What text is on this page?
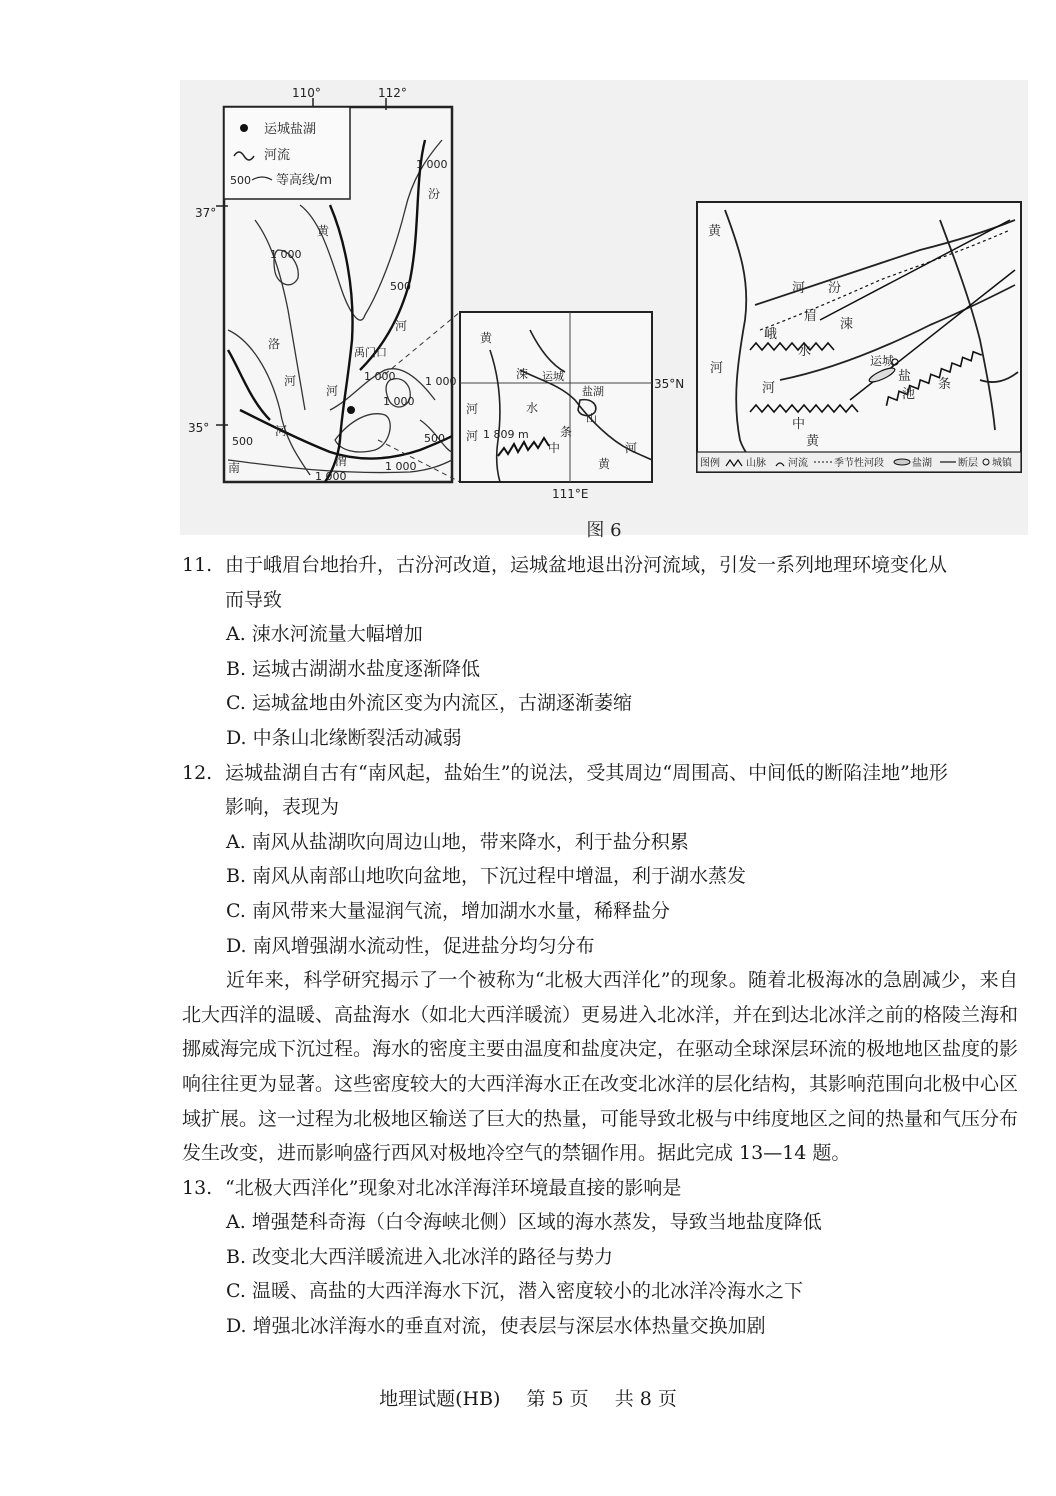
110°	112°
37°
35°
运城盐湖
河流
500 等高线/m
汾
黄
河
河
禹门口
洛
河
河
南	渭
1 000
1 000
500
1 000	1 000
1 000
500
500
1 000
1 000
黄
涑 运城
盐湖
山
河	水
河
中
条
河
黄
1 809 m
35°N
111°E
黄
河 汾
峨
眉
涑
运城
水
盐
池
河
条
河
中
黄
图例	山脉 河流	季节性河段	盐湖	断层 城镇
图 6
11. 由于峨眉台地抬升，古汾河改道，运城盆地退出汾河流域，引发一系列地理环境变化从
而导致
A. 涑水河流量大幅增加
B. 运城古湖湖水盐度逐渐降低
C. 运城盆地由外流区变为内流区，古湖逐渐萎缩
D. 中条山北缘断裂活动减弱
12. 运城盐湖自古有“南风起，盐始生”的说法，受其周边“周围高、中间低的断陷洼地”地形
影响，表现为
A. 南风从盐湖吹向周边山地，带来降水，利于盐分积累
B. 南风从南部山地吹向盆地，下沉过程中增温，利于湖水蒸发
C. 南风带来大量湿润气流，增加湖水水量，稀释盐分
D. 南风增强湖水流动性，促进盐分均匀分布
近年来，科学研究揭示了一个被称为“北极大西洋化”的现象。随着北极海冰的急剧减少，来自北大西洋的温暖、高盐海水（如北大西洋暖流）更易进入北冰洋，并在到达北冰洋之前的格陵兰海和挪威海完成下沉过程。海水的密度主要由温度和盐度决定，在驱动全球深层环流的极地地区盐度的影响往往更为显著。这些密度较大的大西洋海水正在改变北冰洋的层化结构，其影响范围向北极中心区域扩展。这一过程为北极地区输送了巨大的热量，可能导致北极与中纬度地区之间的热量和气压分布发生改变，进而影响盛行西风对极地冷空气的禁锢作用。据此完成 13—14 题。
13. “北极大西洋化”现象对北冰洋海洋环境最直接的影响是
A. 增强楚科奇海（白令海峡北侧）区域的海水蒸发，导致当地盐度降低
B. 改变北大西洋暖流进入北冰洋的路径与势力
C. 温暖、高盐的大西洋海水下沉，潜入密度较小的北冰洋冷海水之下
D. 增强北冰洋海水的垂直对流，使表层与深层水体热量交换加剧
地理试题(HB) 第 5 页 共 8 页
